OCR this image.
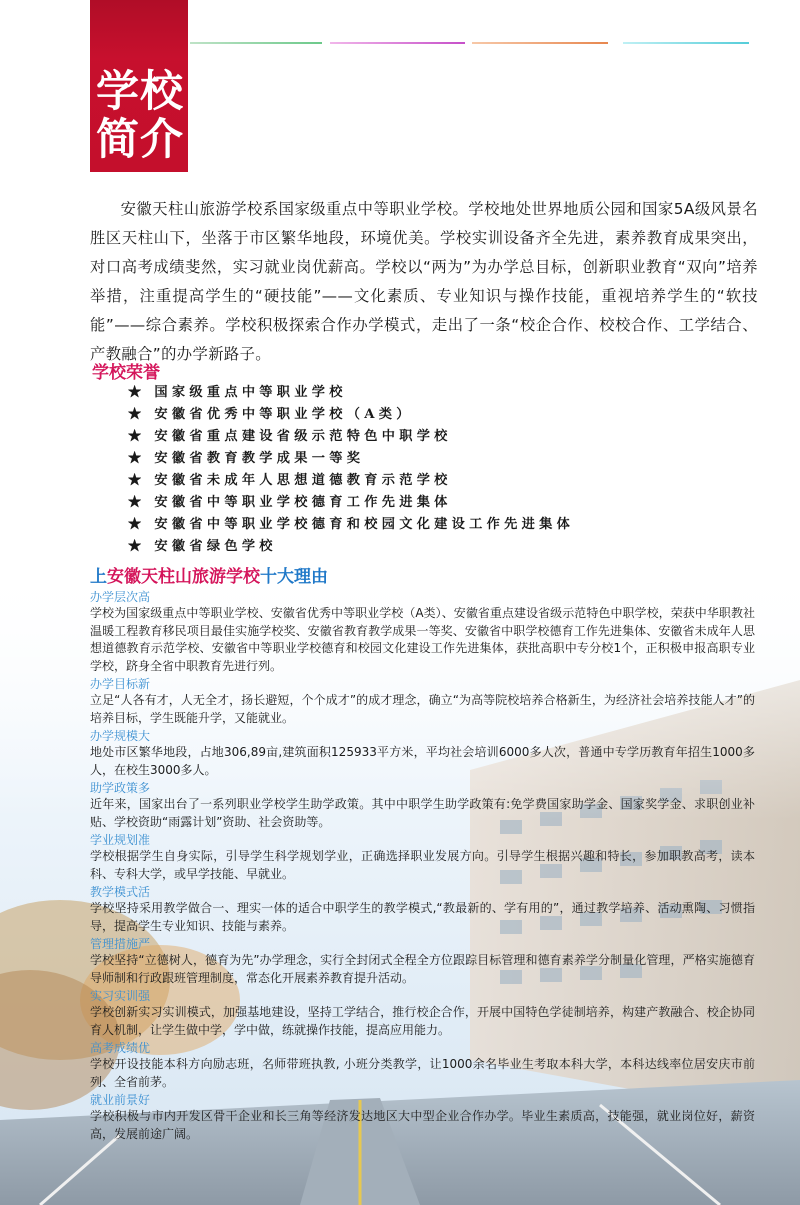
学校
简介

安徽天柱山旅游学校系国家级重点中等职业学校。学校地处世界地质公园和国家5A级风景名胜区天柱山下，坐落于市区繁华地段，环境优美。学校实训设备齐全先进，素养教育成果突出，对口高考成绩斐然，实习就业岗优薪高。学校以“两为”为办学总目标，创新职业教育“双向”培养举措，注重提高学生的“硬技能”——文化素质、专业知识与操作技能，重视培养学生的“软技能”——综合素养。学校积极探索合作办学模式，走出了一条“校企合作、校校合作、工学结合、产教融合”的办学新路子。

学校荣誉
★ 国家级重点中等职业学校
★ 安徽省优秀中等职业学校（A类）
★ 安徽省重点建设省级示范特色中职学校
★ 安徽省教育教学成果一等奖
★ 安徽省未成年人思想道德教育示范学校
★ 安徽省中等职业学校德育工作先进集体
★ 安徽省中等职业学校德育和校园文化建设工作先进集体
★ 安徽省绿色学校
上安徽天柱山旅游学校十大理由
办学层次高

学校为国家级重点中等职业学校、安徽省优秀中等职业学校（A类）、安徽省重点建设省级示范特色中职学校，荣获中华职教社温暖工程教育移民项目最佳实施学校奖、安徽省教育教学成果一等奖、安徽省中职学校德育工作先进集体、安徽省未成年人思想道德教育示范学校、安徽省中等职业学校德育和校园文化建设工作先进集体，获批高职中专分校1个，正积极申报高职专业学校，跻身全省中职教育先进行列。

办学目标新

立足“人各有才，人无全才，扬长避短，个个成才”的成才理念，确立“为高等院校培养合格新生，为经济社会培养技能人才”的培养目标，学生既能升学，又能就业。

办学规模大

地处市区繁华地段，占地306,89亩,建筑面积125933平方米，平均社会培训6000多人次，普通中专学历教育年招生1000多人，在校生3000多人。

助学政策多

近年来，国家出台了一系列职业学校学生助学政策。其中中职学生助学政策有:免学费国家助学金、国家奖学金、求职创业补贴、学校资助“雨露计划”资助、社会资助等。

学业规划准

学校根据学生自身实际，引导学生科学规划学业，正确选择职业发展方向。引导学生根据兴趣和特长，参加职教高考，读本科、专科大学，或早学技能、早就业。

教学模式活

学校坚持采用教学做合一、理实一体的适合中职学生的教学模式,“教最新的、学有用的”，通过教学培养、活动熏陶、习惯指导，提高学生专业知识、技能与素养。

管理措施严

学校坚持“立德树人，德育为先”办学理念，实行全封闭式全程全方位跟踪目标管理和德育素养学分制量化管理，严格实施德育导师制和行政跟班管理制度，常态化开展素养教育提升活动。

实习实训强

学校创新实习实训模式，加强基地建设，坚持工学结合，推行校企合作，开展中国特色学徒制培养，构建产教融合、校企协同育人机制，让学生做中学，学中做，练就操作技能，提高应用能力。

高考成绩优

学校开设技能本科方向励志班，名师带班执教, 小班分类教学，让1000余名毕业生考取本科大学，本科达线率位居安庆市前列、全省前茅。

就业前景好

学校积极与市内开发区骨干企业和长三角等经济发达地区大中型企业合作办学。毕业生素质高，技能强，就业岗位好，薪资高，发展前途广阔。
